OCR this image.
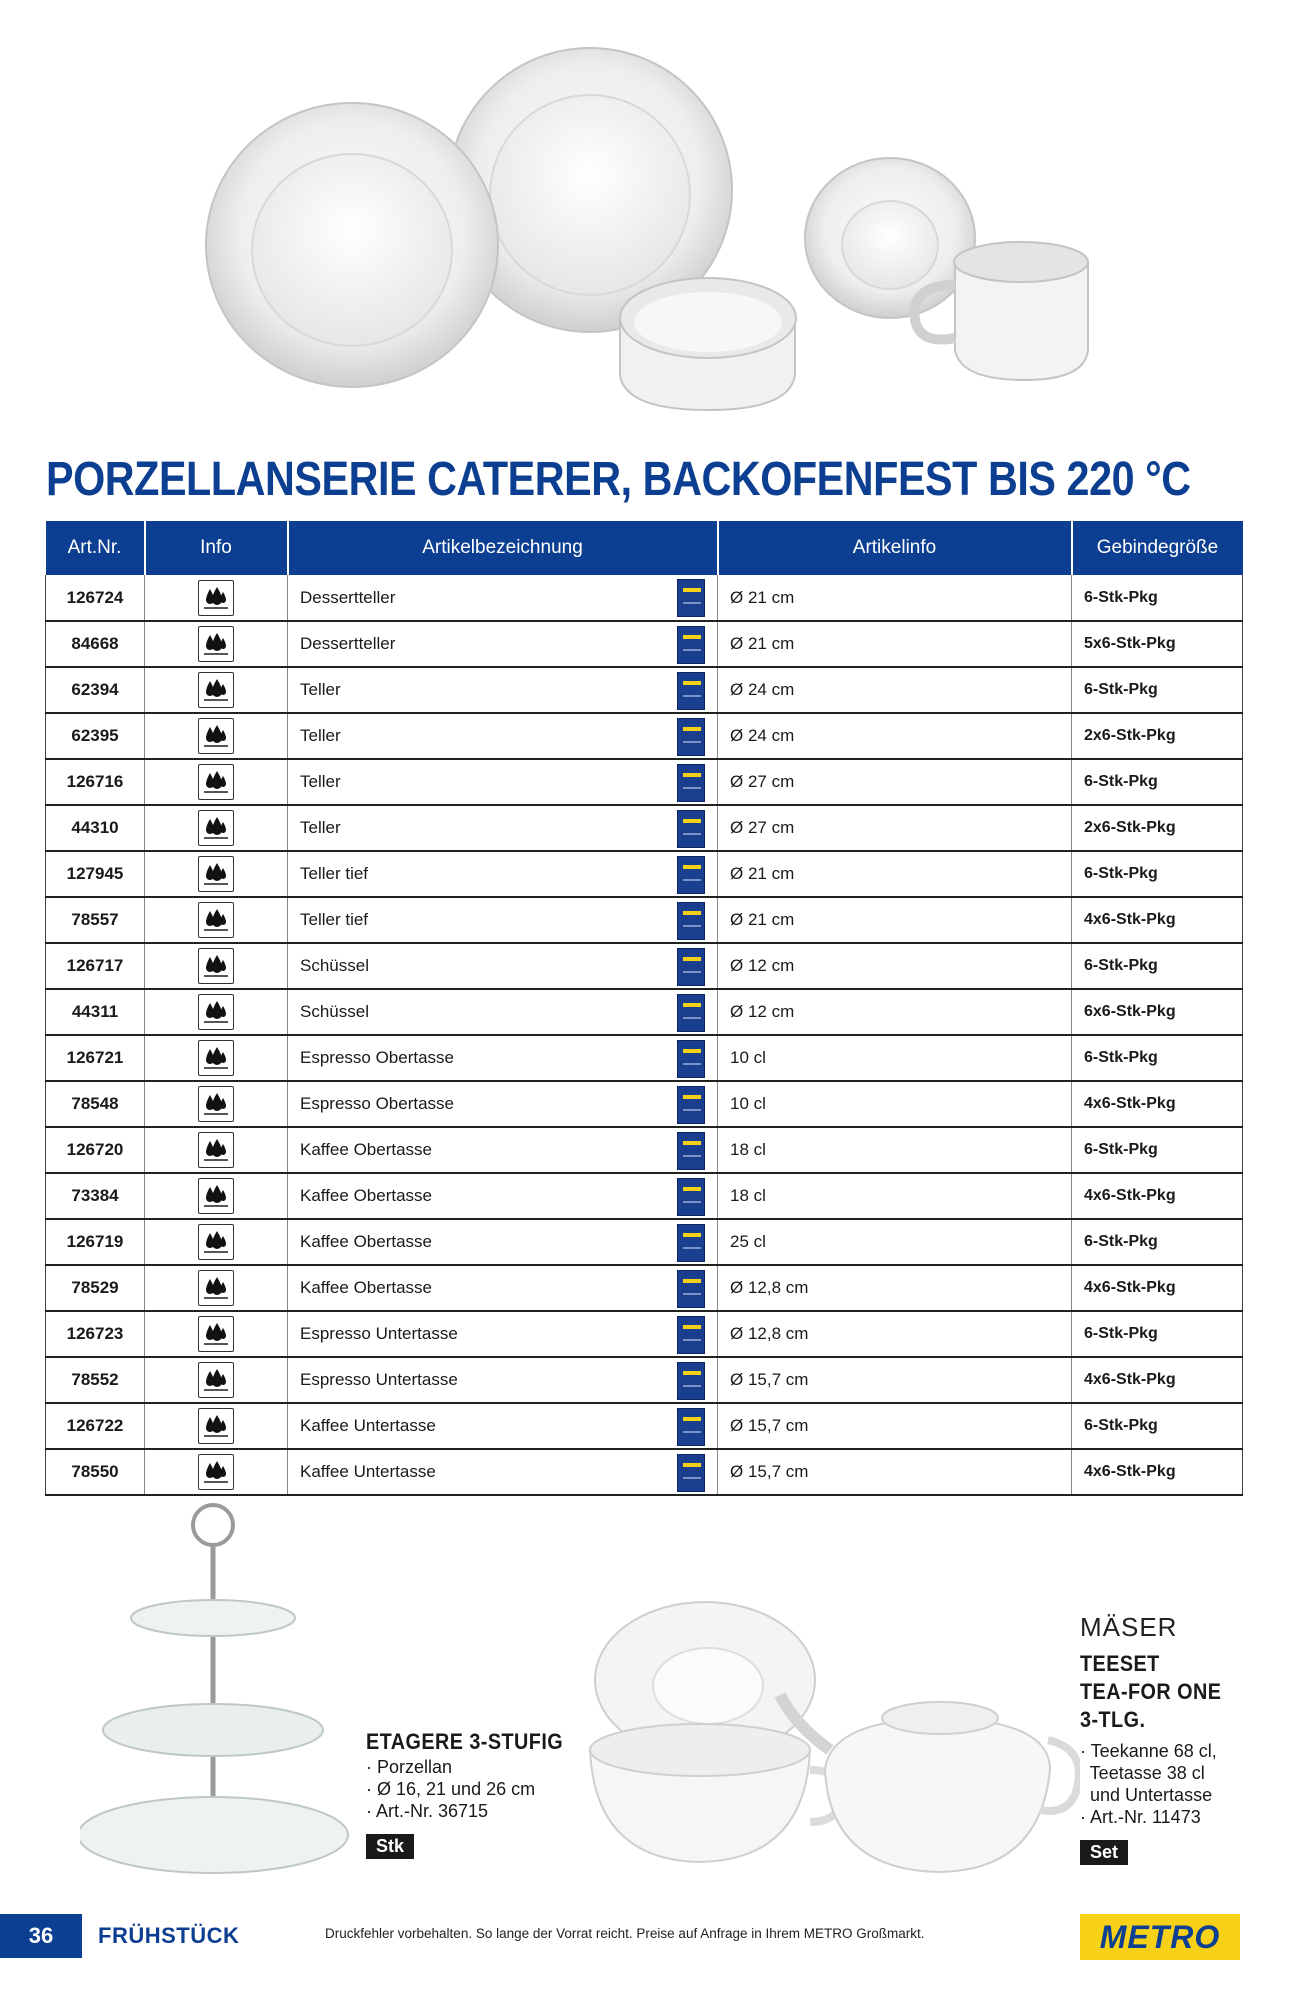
PORZELLANSERIE CATERER, BACKOFENFEST BIS 220 °C
Art.Nr.	Info	Artikelbezeichnung	Artikelinfo	Gebindegröße
126724		Dessertteller	Ø 21 cm	6-Stk-Pkg
84668		Dessertteller	Ø 21 cm	5x6-Stk-Pkg
62394		Teller	Ø 24 cm	6-Stk-Pkg
62395		Teller	Ø 24 cm	2x6-Stk-Pkg
126716		Teller	Ø 27 cm	6-Stk-Pkg
44310		Teller	Ø 27 cm	2x6-Stk-Pkg
127945		Teller tief	Ø 21 cm	6-Stk-Pkg
78557		Teller tief	Ø 21 cm	4x6-Stk-Pkg
126717		Schüssel	Ø 12 cm	6-Stk-Pkg
44311		Schüssel	Ø 12 cm	6x6-Stk-Pkg
126721		Espresso Obertasse	10 cl	6-Stk-Pkg
78548		Espresso Obertasse	10 cl	4x6-Stk-Pkg
126720		Kaffee Obertasse	18 cl	6-Stk-Pkg
73384		Kaffee Obertasse	18 cl	4x6-Stk-Pkg
126719		Kaffee Obertasse	25 cl	6-Stk-Pkg
78529		Kaffee Obertasse	Ø 12,8 cm	4x6-Stk-Pkg
126723		Espresso Untertasse	Ø 12,8 cm	6-Stk-Pkg
78552		Espresso Untertasse	Ø 15,7 cm	4x6-Stk-Pkg
126722		Kaffee Untertasse	Ø 15,7 cm	6-Stk-Pkg
78550		Kaffee Untertasse	Ø 15,7 cm	4x6-Stk-Pkg
ETAGERE 3-STUFIG
· Porzellan
· Ø 16, 21 und 26 cm
· Art.-Nr. 36715
Stk
MÄSER
TEESET
TEA-FOR ONE
3-TLG.
· Teekanne 68 cl,
Teetasse 38 cl
und Untertasse
· Art.-Nr. 11473
Set
36	FRÜHSTÜCK	Druckfehler vorbehalten. So lange der Vorrat reicht. Preise auf Anfrage in Ihrem METRO Großmarkt.	METRO
